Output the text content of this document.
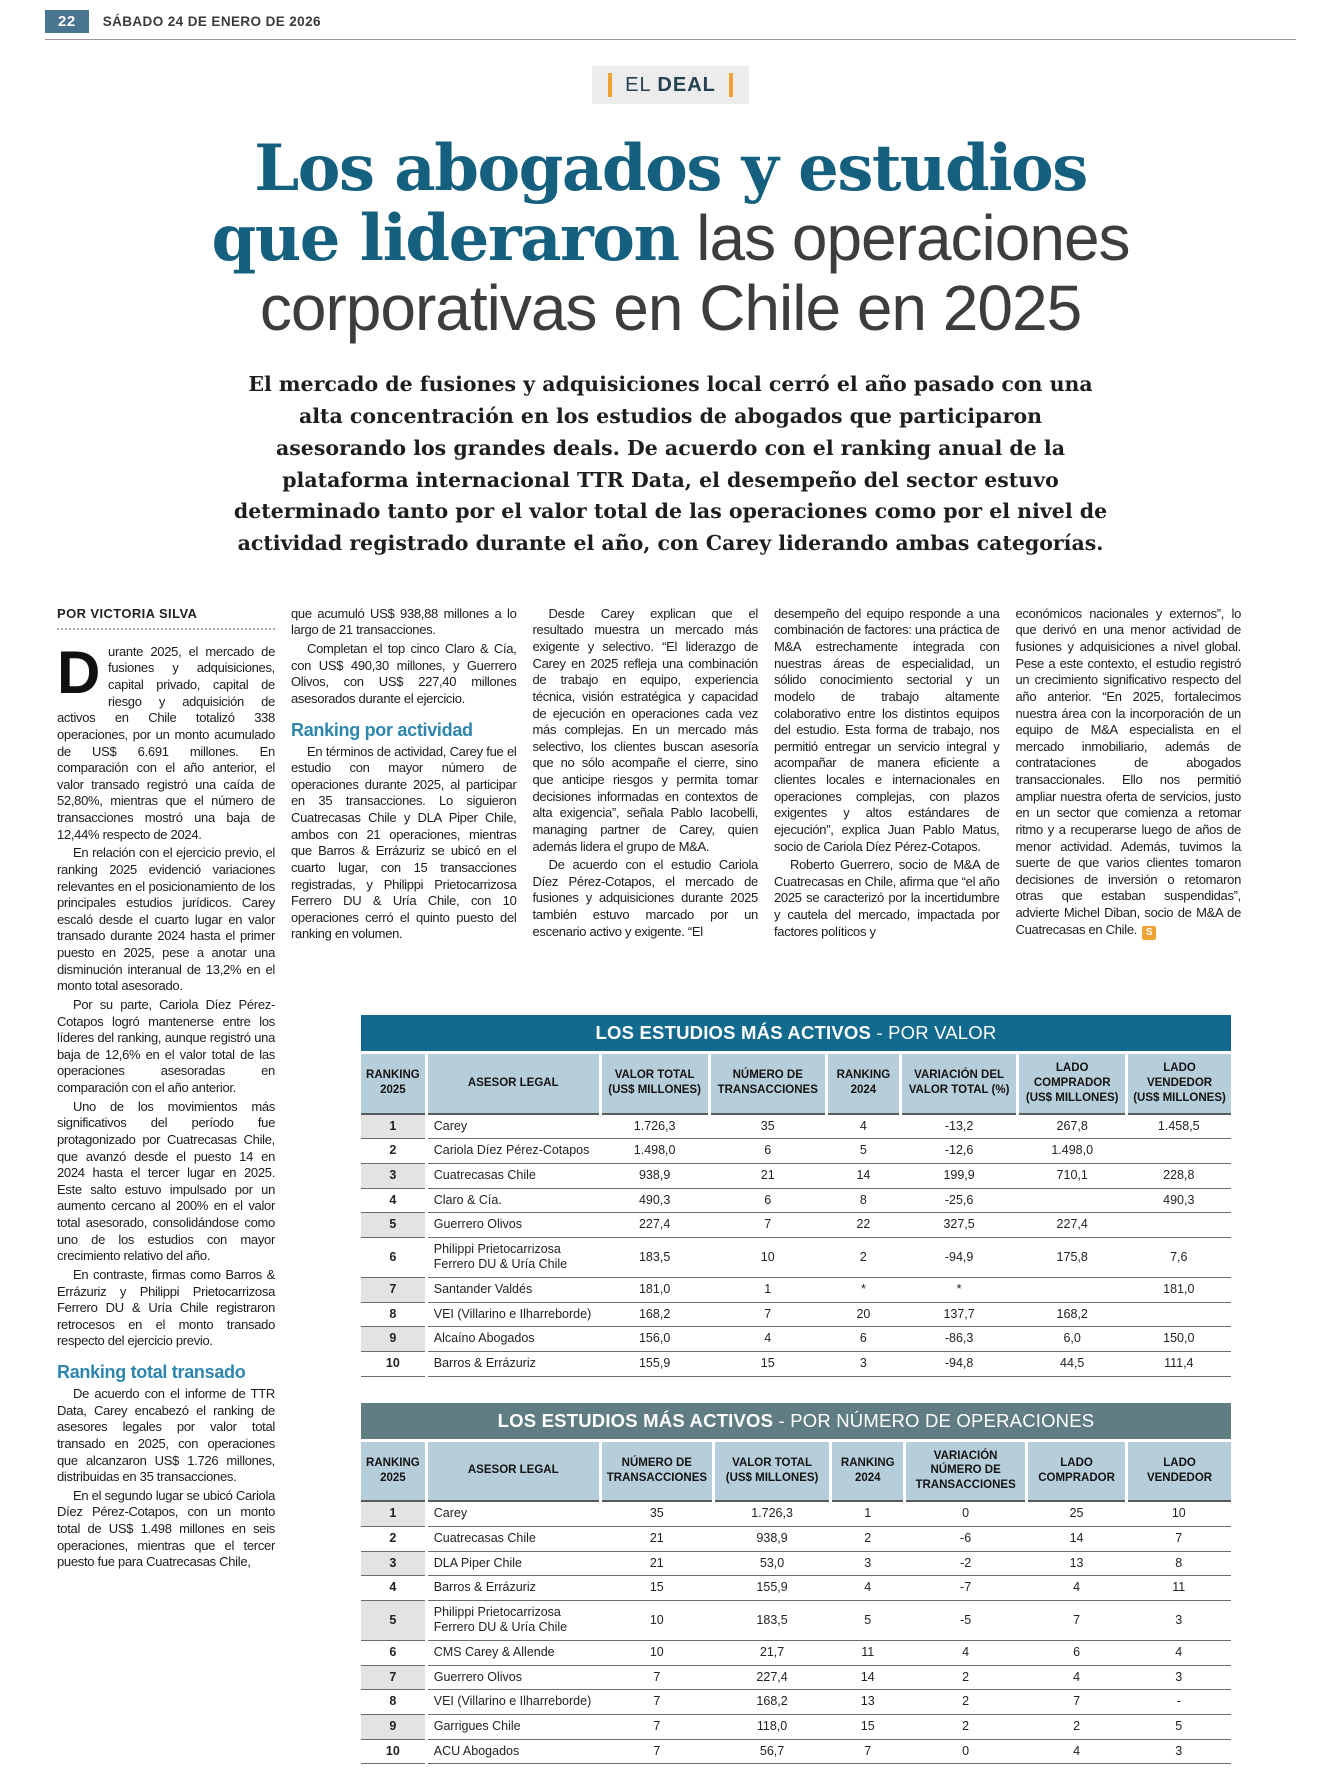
22	SÁBADO 24 DE ENERO DE 2026
EL DEAL
Los abogados y estudios
que lideraron las operaciones
corporativas en Chile en 2025

El mercado de fusiones y adquisiciones local cerró el año pasado con una alta concentración en los estudios de abogados que participaron asesorando los grandes deals. De acuerdo con el ranking anual de la plataforma internacional TTR Data, el desempeño del sector estuvo determinado tanto por el valor total de las operaciones como por el nivel de actividad registrado durante el año, con Carey liderando ambas categorías.

POR VICTORIA SILVA

Durante 2025, el mercado de fusiones y adquisiciones, capital privado, capital de riesgo y adquisición de activos en Chile totalizó 338 operaciones, por un monto acumulado de US$ 6.691 millones. En comparación con el año anterior, el valor transado registró una caída de 52,80%, mientras que el número de transacciones mostró una baja de 12,44% respecto de 2024.

En relación con el ejercicio previo, el ranking 2025 evidenció variaciones relevantes en el posicionamiento de los principales estudios jurídicos. Carey escaló desde el cuarto lugar en valor transado durante 2024 hasta el primer puesto en 2025, pese a anotar una disminución interanual de 13,2% en el monto total asesorado.

Por su parte, Cariola Díez Pérez-Cotapos logró mantenerse entre los líderes del ranking, aunque registró una baja de 12,6% en el valor total de las operaciones asesoradas en comparación con el año anterior.

Uno de los movimientos más significativos del período fue protagonizado por Cuatrecasas Chile, que avanzó desde el puesto 14 en 2024 hasta el tercer lugar en 2025. Este salto estuvo impulsado por un aumento cercano al 200% en el valor total asesorado, consolidándose como uno de los estudios con mayor crecimiento relativo del año.

En contraste, firmas como Barros & Errázuriz y Philippi Prietocarrizosa Ferrero DU & Uría Chile registraron retrocesos en el monto transado respecto del ejercicio previo.

Ranking total transado

De acuerdo con el informe de TTR Data, Carey encabezó el ranking de asesores legales por valor total transado en 2025, con operaciones que alcanzaron US$ 1.726 millones, distribuidas en 35 transacciones.

En el segundo lugar se ubicó Cariola Díez Pérez-Cotapos, con un monto total de US$ 1.498 millones en seis operaciones, mientras que el tercer puesto fue para Cuatrecasas Chile,

que acumuló US$ 938,88 millones a lo largo de 21 transacciones.

Completan el top cinco Claro & Cía, con US$ 490,30 millones, y Guerrero Olivos, con US$ 227,40 millones asesorados durante el ejercicio.

Ranking por actividad

En términos de actividad, Carey fue el estudio con mayor número de operaciones durante 2025, al participar en 35 transacciones. Lo siguieron Cuatrecasas Chile y DLA Piper Chile, ambos con 21 operaciones, mientras que Barros & Errázuriz se ubicó en el cuarto lugar, con 15 transacciones registradas, y Philippi Prietocarrizosa Ferrero DU & Uría Chile, con 10 operaciones cerró el quinto puesto del ranking en volumen.

Desde Carey explican que el resultado muestra un mercado más exigente y selectivo. “El liderazgo de Carey en 2025 refleja una combinación de trabajo en equipo, experiencia técnica, visión estratégica y capacidad de ejecución en operaciones cada vez más complejas. En un mercado más selectivo, los clientes buscan asesoría que no sólo acompañe el cierre, sino que anticipe riesgos y permita tomar decisiones informadas en contextos de alta exigencia”, señala Pablo Iacobelli, managing partner de Carey, quien además lidera el grupo de M&A.

De acuerdo con el estudio Cariola Díez Pérez-Cotapos, el mercado de fusiones y adquisiciones durante 2025 también estuvo marcado por un escenario activo y exigente. “El

desempeño del equipo responde a una combinación de factores: una práctica de M&A estrechamente integrada con nuestras áreas de especialidad, un sólido conocimiento sectorial y un modelo de trabajo altamente colaborativo entre los distintos equipos del estudio. Esta forma de trabajo, nos permitió entregar un servicio integral y acompañar de manera eficiente a clientes locales e internacionales en operaciones complejas, con plazos exigentes y altos estándares de ejecución”, explica Juan Pablo Matus, socio de Cariola Díez Pérez-Cotapos.

Roberto Guerrero, socio de M&A de Cuatrecasas en Chile, afirma que “el año 2025 se caracterizó por la incertidumbre y cautela del mercado, impactada por factores políticos y

económicos nacionales y externos”, lo que derivó en una menor actividad de fusiones y adquisiciones a nivel global. Pese a este contexto, el estudio registró un crecimiento significativo respecto del año anterior. “En 2025, fortalecimos nuestra área con la incorporación de un equipo de M&A especialista en el mercado inmobiliario, además de contrataciones de abogados transaccionales. Ello nos permitió ampliar nuestra oferta de servicios, justo en un sector que comienza a retomar ritmo y a recuperarse luego de años de menor actividad. Además, tuvimos la suerte de que varios clientes tomaron decisiones de inversión o retomaron otras que estaban suspendidas”, advierte Michel Diban, socio de M&A de Cuatrecasas en Chile. S

LOS ESTUDIOS MÁS ACTIVOS - POR VALOR
RANKING 2025	ASESOR LEGAL	VALOR TOTAL (US$ MILLONES)	NÚMERO DE TRANSACCIONES	RANKING 2024	VARIACIÓN DEL VALOR TOTAL (%)	LADO COMPRADOR (US$ MILLONES)	LADO VENDEDOR (US$ MILLONES)
1	Carey	1.726,3	35	4	-13,2	267,8	1.458,5
2	Cariola Díez Pérez-Cotapos	1.498,0	6	5	-12,6	1.498,0	
3	Cuatrecasas Chile	938,9	21	14	199,9	710,1	228,8
4	Claro & Cía.	490,3	6	8	-25,6		490,3
5	Guerrero Olivos	227,4	7	22	327,5	227,4	
6	Philippi Prietocarrizosa Ferrero DU & Uría Chile	183,5	10	2	-94,9	175,8	7,6
7	Santander Valdés	181,0	1	*	*		181,0
8	VEI (Villarino e Ilharreborde)	168,2	7	20	137,7	168,2	
9	Alcaíno Abogados	156,0	4	6	-86,3	6,0	150,0
10	Barros & Errázuriz	155,9	15	3	-94,8	44,5	111,4
LOS ESTUDIOS MÁS ACTIVOS - POR NÚMERO DE OPERACIONES
RANKING 2025	ASESOR LEGAL	NÚMERO DE TRANSACCIONES	VALOR TOTAL (US$ MILLONES)	RANKING 2024	VARIACIÓN NÚMERO DE TRANSACCIONES	LADO COMPRADOR	LADO VENDEDOR
1	Carey	35	1.726,3	1	0	25	10
2	Cuatrecasas Chile	21	938,9	2	-6	14	7
3	DLA Piper Chile	21	53,0	3	-2	13	8
4	Barros & Errázuriz	15	155,9	4	-7	4	11
5	Philippi Prietocarrizosa Ferrero DU & Uría Chile	10	183,5	5	-5	7	3
6	CMS Carey & Allende	10	21,7	11	4	6	4
7	Guerrero Olivos	7	227,4	14	2	4	3
8	VEI (Villarino e Ilharreborde)	7	168,2	13	2	7	-
9	Garrigues Chile	7	118,0	15	2	2	5
10	ACU Abogados	7	56,7	7	0	4	3
